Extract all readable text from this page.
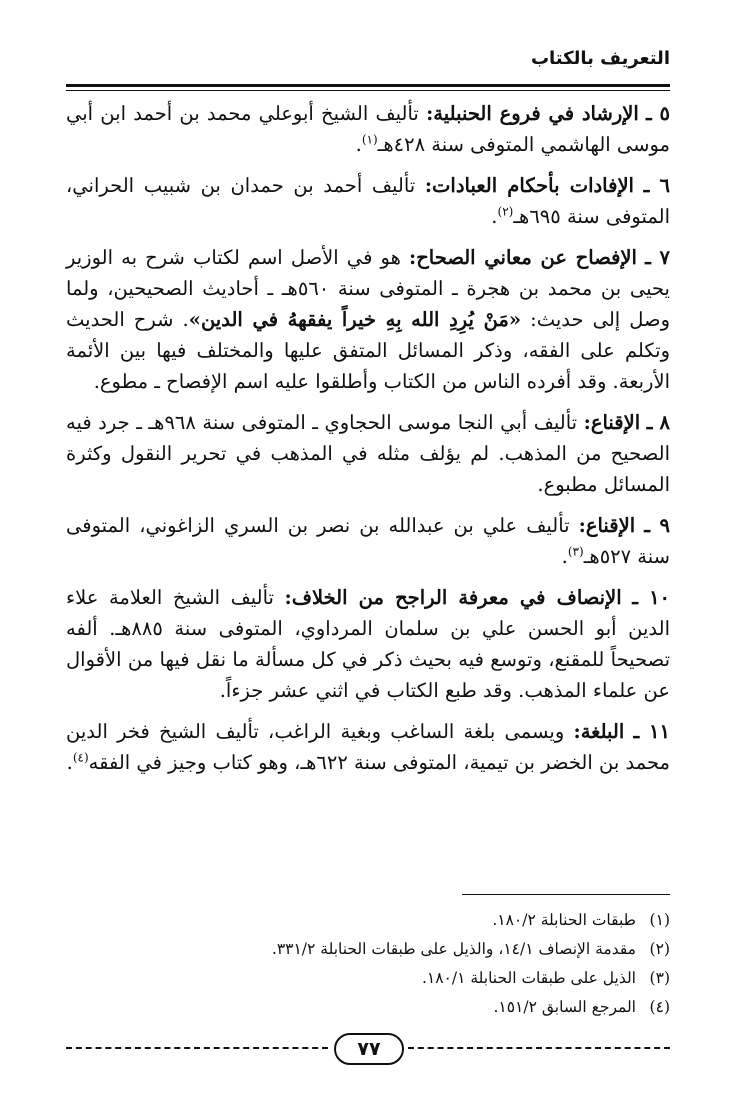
التعريف بالكتاب

٥ ـ الإرشاد في فروع الحنبلية: تأليف الشيخ أبوعلي محمد بن أحمد ابن أبي موسى الهاشمي المتوفى سنة ٤٢٨هـ$^{(١)}$.

٦ ـ الإفادات بأحكام العبادات: تأليف أحمد بن حمدان بن شبيب الحراني، المتوفى سنة ٦٩٥هـ$^{(٢)}$.

٧ ـ الإفصاح عن معاني الصحاح: هو في الأصل اسم لكتاب شرح به الوزير يحيى بن محمد بن هجرة ـ المتوفى سنة ٥٦٠هـ ـ أحاديث الصحيحين، ولما وصل إلى حديث: «مَنْ يُرِدِ الله بِهِ خيراً يفقههُ في الدين». شرح الحديث وتكلم على الفقه، وذكر المسائل المتفق عليها والمختلف فيها بين الأئمة الأربعة. وقد أفرده الناس من الكتاب وأطلقوا عليه اسم الإفصاح ـ مطوع.

٨ ـ الإقناع: تأليف أبي النجا موسى الحجاوي ـ المتوفى سنة ٩٦٨هـ ـ جرد فيه الصحيح من المذهب. لم يؤلف مثله في المذهب في تحرير النقول وكثرة المسائل مطبوع.

٩ ـ الإقناع: تأليف علي بن عبدالله بن نصر بن السري الزاغوني، المتوفى سنة ٥٢٧هـ$^{(٣)}$.

١٠ ـ الإنصاف في معرفة الراجح من الخلاف: تأليف الشيخ العلامة علاء الدين أبو الحسن علي بن سلمان المرداوي، المتوفى سنة ٨٨٥هـ. ألفه تصحيحاً للمقنع، وتوسع فيه بحيث ذكر في كل مسألة ما نقل فيها من الأقوال عن علماء المذهب. وقد طبع الكتاب في اثني عشر جزءاً.

١١ ـ البلغة: ويسمى بلغة الساغب وبغية الراغب، تأليف الشيخ فخر الدين محمد بن الخضر بن تيمية، المتوفى سنة ٦٢٢هـ، وهو كتاب وجيز في الفقه$^{(٤)}$.

(١)طبقات الحنابلة ١٨٠/٢.
(٢)مقدمة الإنصاف ١٤/١، والذيل على طبقات الحنابلة ٣٣١/٢.
(٣)الذيل على طبقات الحنابلة ١٨٠/١.
(٤)المرجع السابق ١٥١/٢.
٧٧
